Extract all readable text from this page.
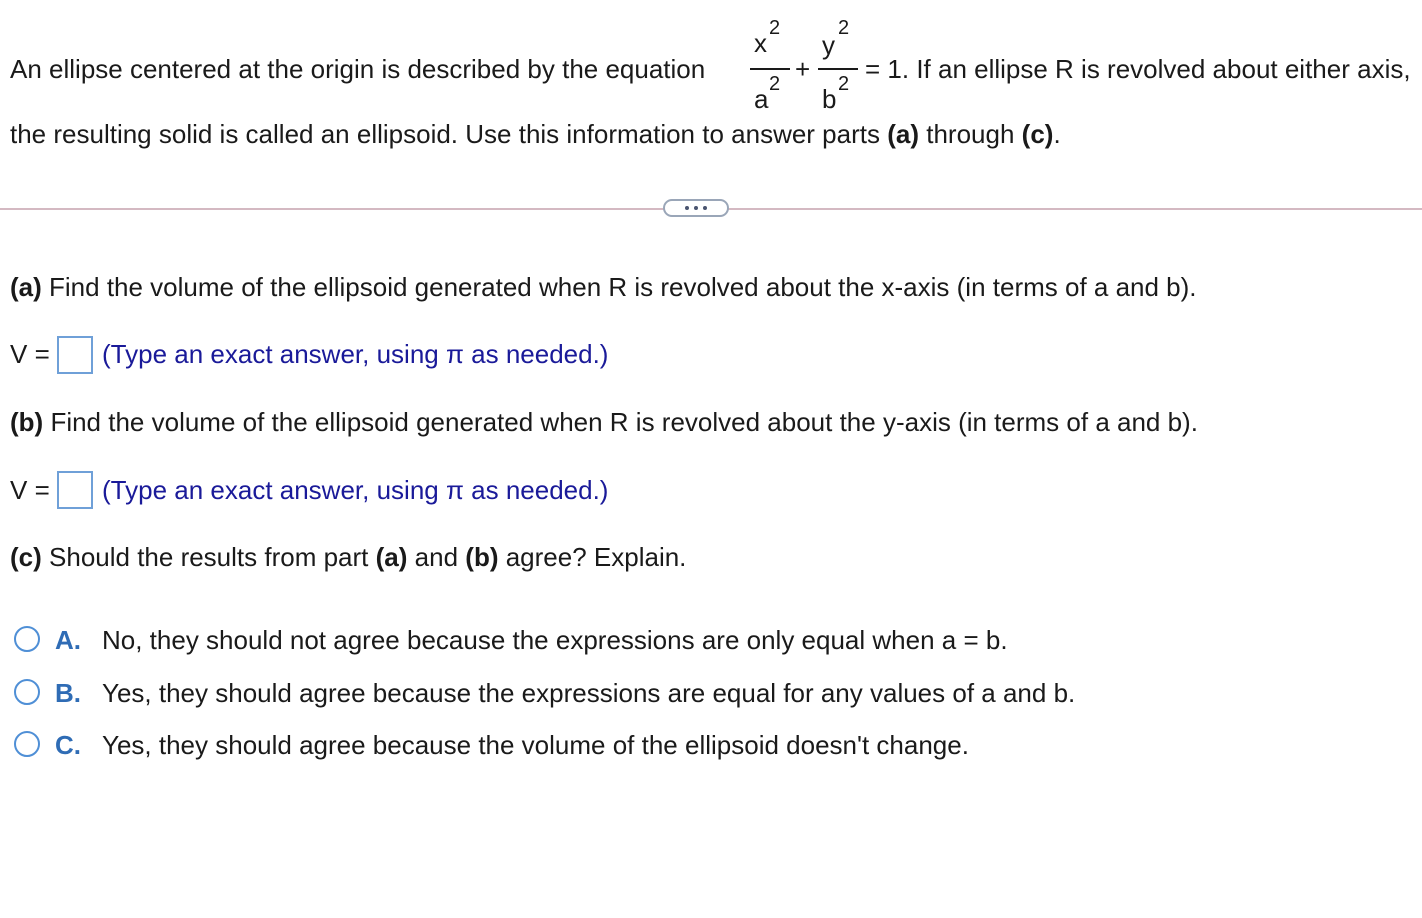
An ellipse centered at the origin is described by the equation
x 2
a 2 +
y
2
b 2 = 1. If an ellipse R is revolved about either axis,
the resulting solid is called an ellipsoid. Use this information to answer parts (a) through (c).
(a) Find the volume of the ellipsoid generated when R is revolved about the x-axis (in terms of a and b).
V = (Type an exact answer, using π as needed.)
(b) Find the volume of the ellipsoid generated when R is revolved about the y-axis (in terms of a and b).
V = (Type an exact answer, using π as needed.)
(c) Should the results from part (a) and (b) agree? Explain.
A. No, they should not agree because the expressions are only equal when a = b.
B. Yes, they should agree because the expressions are equal for any values of a and b.
C. Yes, they should agree because the volume of the ellipsoid doesn't change.
